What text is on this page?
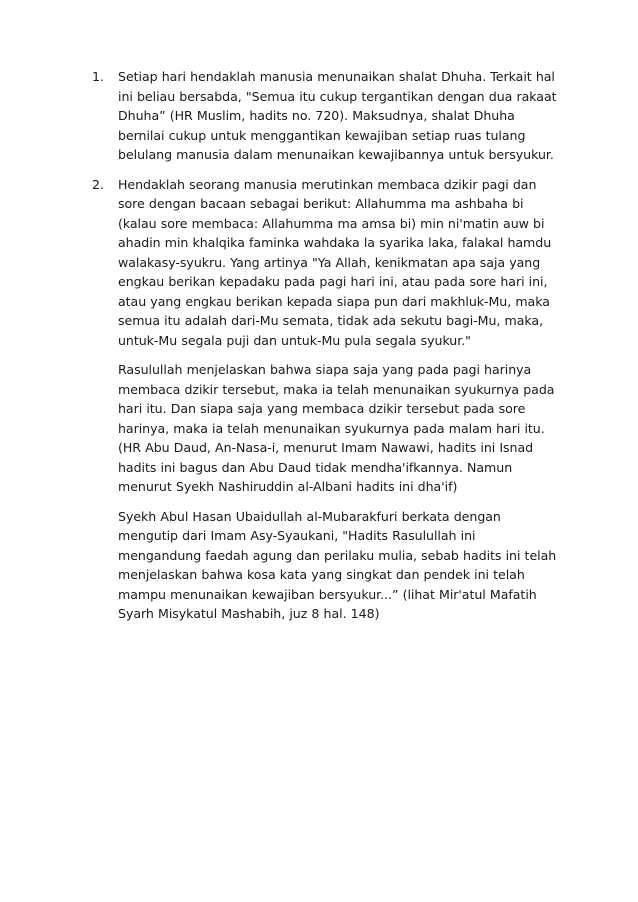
1. Setiap hari hendaklah manusia menunaikan shalat Dhuha. Terkait hal ini beliau bersabda, "Semua itu cukup tergantikan dengan dua rakaat Dhuha” (HR Muslim, hadits no. 720). Maksudnya, shalat Dhuha bernilai cukup untuk menggantikan kewajiban setiap ruas tulang belulang manusia dalam menunaikan kewajibannya untuk bersyukur.

2. Hendaklah seorang manusia merutinkan membaca dzikir pagi dan sore dengan bacaan sebagai berikut: Allahumma ma ashbaha bi (kalau sore membaca: Allahumma ma amsa bi) min ni'matin auw bi ahadin min khalqika faminka wahdaka la syarika laka, falakal hamdu walakasy-syukru. Yang artinya "Ya Allah, kenikmatan apa saja yang engkau berikan kepadaku pada pagi hari ini, atau pada sore hari ini, atau yang engkau berikan kepada siapa pun dari makhluk-Mu, maka semua itu adalah dari-Mu semata, tidak ada sekutu bagi-Mu, maka, untuk-Mu segala puji dan untuk-Mu pula segala syukur."

Rasulullah menjelaskan bahwa siapa saja yang pada pagi harinya membaca dzikir tersebut, maka ia telah menunaikan syukurnya pada hari itu. Dan siapa saja yang membaca dzikir tersebut pada sore harinya, maka ia telah menunaikan syukurnya pada malam hari itu. (HR Abu Daud, An-Nasa-i, menurut Imam Nawawi, hadits ini Isnad hadits ini bagus dan Abu Daud tidak mendha'ifkannya. Namun menurut Syekh Nashiruddin al-Albani hadits ini dha'if)

Syekh Abul Hasan Ubaidullah al-Mubarakfuri berkata dengan mengutip dari Imam Asy-Syaukani, "Hadits Rasulullah ini mengandung faedah agung dan perilaku mulia, sebab hadits ini telah menjelaskan bahwa kosa kata yang singkat dan pendek ini telah mampu menunaikan kewajiban bersyukur...” (lihat Mir'atul Mafatih Syarh Misykatul Mashabih, juz 8 hal. 148)
